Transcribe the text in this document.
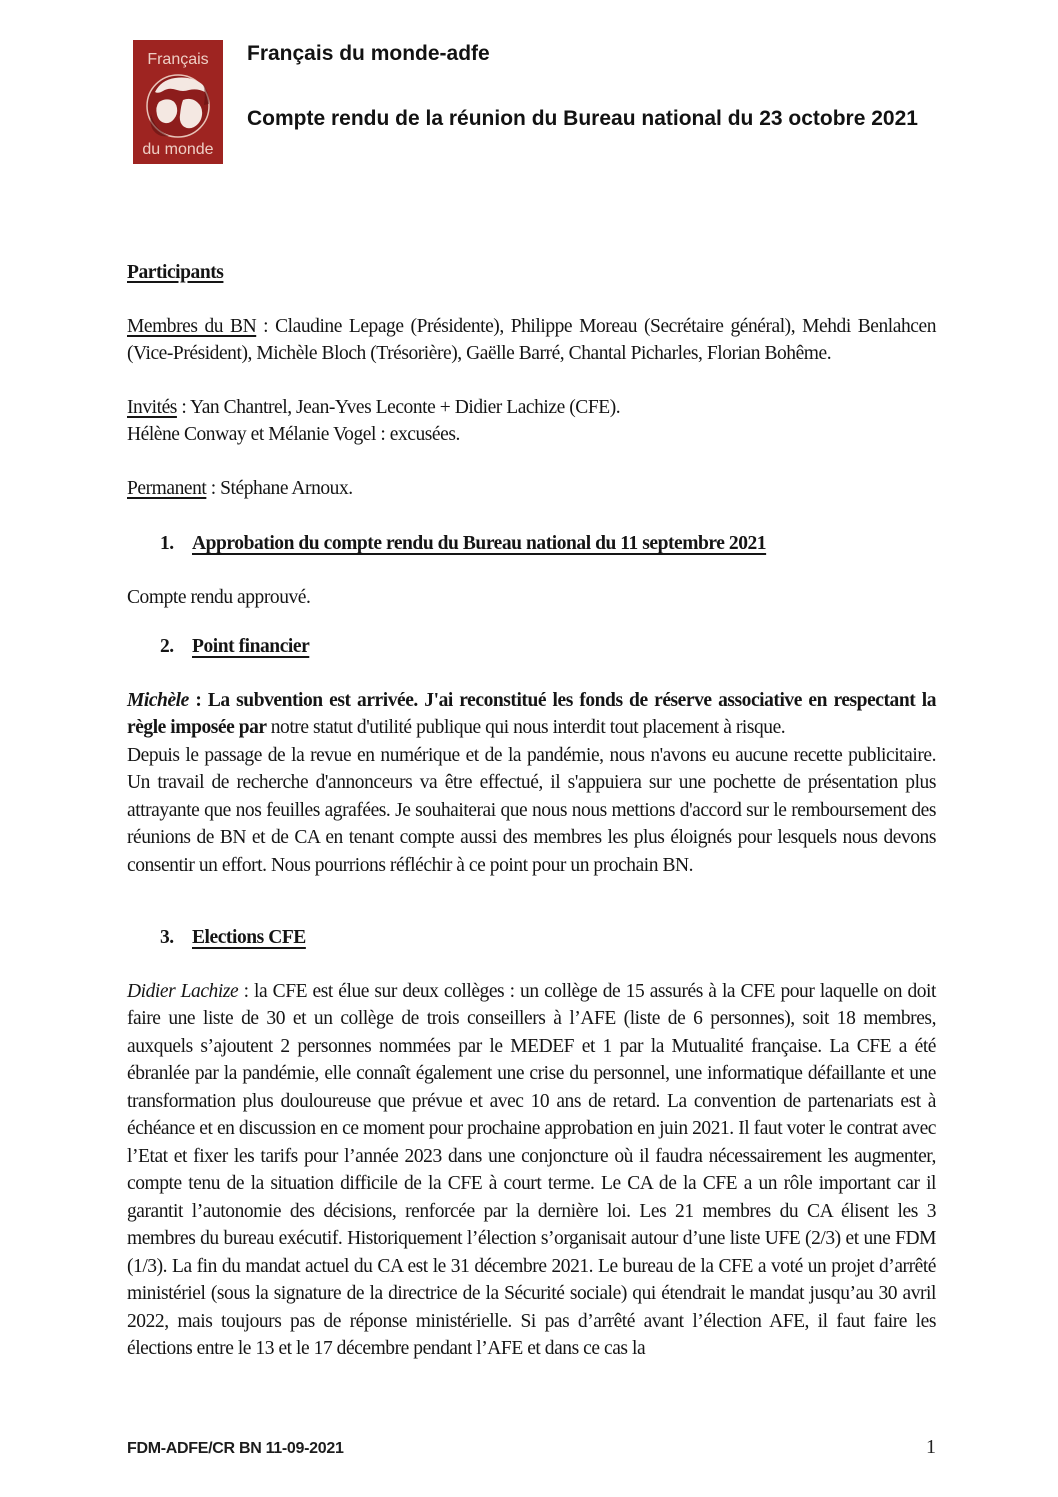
Français
du monde
Français du monde-adfe
Compte rendu de la réunion du Bureau national du 23 octobre 2021
Participants
Membres du BN : Claudine Lepage (Présidente), Philippe Moreau (Secrétaire général), Mehdi Benlahcen (Vice-Président), Michèle Bloch (Trésorière), Gaëlle Barré, Chantal Picharles, Florian Bohême.
Invités : Yan Chantrel, Jean-Yves Leconte + Didier Lachize (CFE).
Hélène Conway et Mélanie Vogel : excusées.
Permanent : Stéphane Arnoux.
1. Approbation du compte rendu du Bureau national du 11 septembre 2021
Compte rendu approuvé.
2. Point financier
Michèle : La subvention est arrivée. J'ai reconstitué les fonds de réserve associative en respectant la règle imposée par notre statut d'utilité publique qui nous interdit tout placement à risque.
Depuis le passage de la revue en numérique et de la pandémie, nous n'avons eu aucune recette publicitaire. Un travail de recherche d'annonceurs va être effectué, il s'appuiera sur une pochette de présentation plus attrayante que nos feuilles agrafées. Je souhaiterai que nous nous mettions d'accord sur le remboursement des réunions de BN et de CA en tenant compte aussi des membres les plus éloignés pour lesquels nous devons consentir un effort. Nous pourrions réfléchir à ce point pour un prochain BN.
3. Elections CFE
Didier Lachize : la CFE est élue sur deux collèges : un collège de 15 assurés à la CFE pour laquelle on doit faire une liste de 30 et un collège de trois conseillers à l’AFE (liste de 6 personnes), soit 18 membres, auxquels s’ajoutent 2 personnes nommées par le MEDEF et 1 par la Mutualité française. La CFE a été ébranlée par la pandémie, elle connaît également une crise du personnel, une informatique défaillante et une transformation plus douloureuse que prévue et avec 10 ans de retard. La convention de partenariats est à échéance et en discussion en ce moment pour prochaine approbation en juin 2021. Il faut voter le contrat avec l’Etat et fixer les tarifs pour l’année 2023 dans une conjoncture où il faudra nécessairement les augmenter, compte tenu de la situation difficile de la CFE à court terme. Le CA de la CFE a un rôle important car il garantit l’autonomie des décisions, renforcée par la dernière loi. Les 21 membres du CA élisent les 3 membres du bureau exécutif. Historiquement l’élection s’organisait autour d’une liste UFE (2/3) et une FDM (1/3). La fin du mandat actuel du CA est le 31 décembre 2021. Le bureau de la CFE a voté un projet d’arrêté ministériel (sous la signature de la directrice de la Sécurité sociale) qui étendrait le mandat jusqu’au 30 avril 2022, mais toujours pas de réponse ministérielle. Si pas d’arrêté avant l’élection AFE, il faut faire les élections entre le 13 et le 17 décembre pendant l’AFE et dans ce cas la
FDM-ADFE/CR BN 11-09-2021	1
